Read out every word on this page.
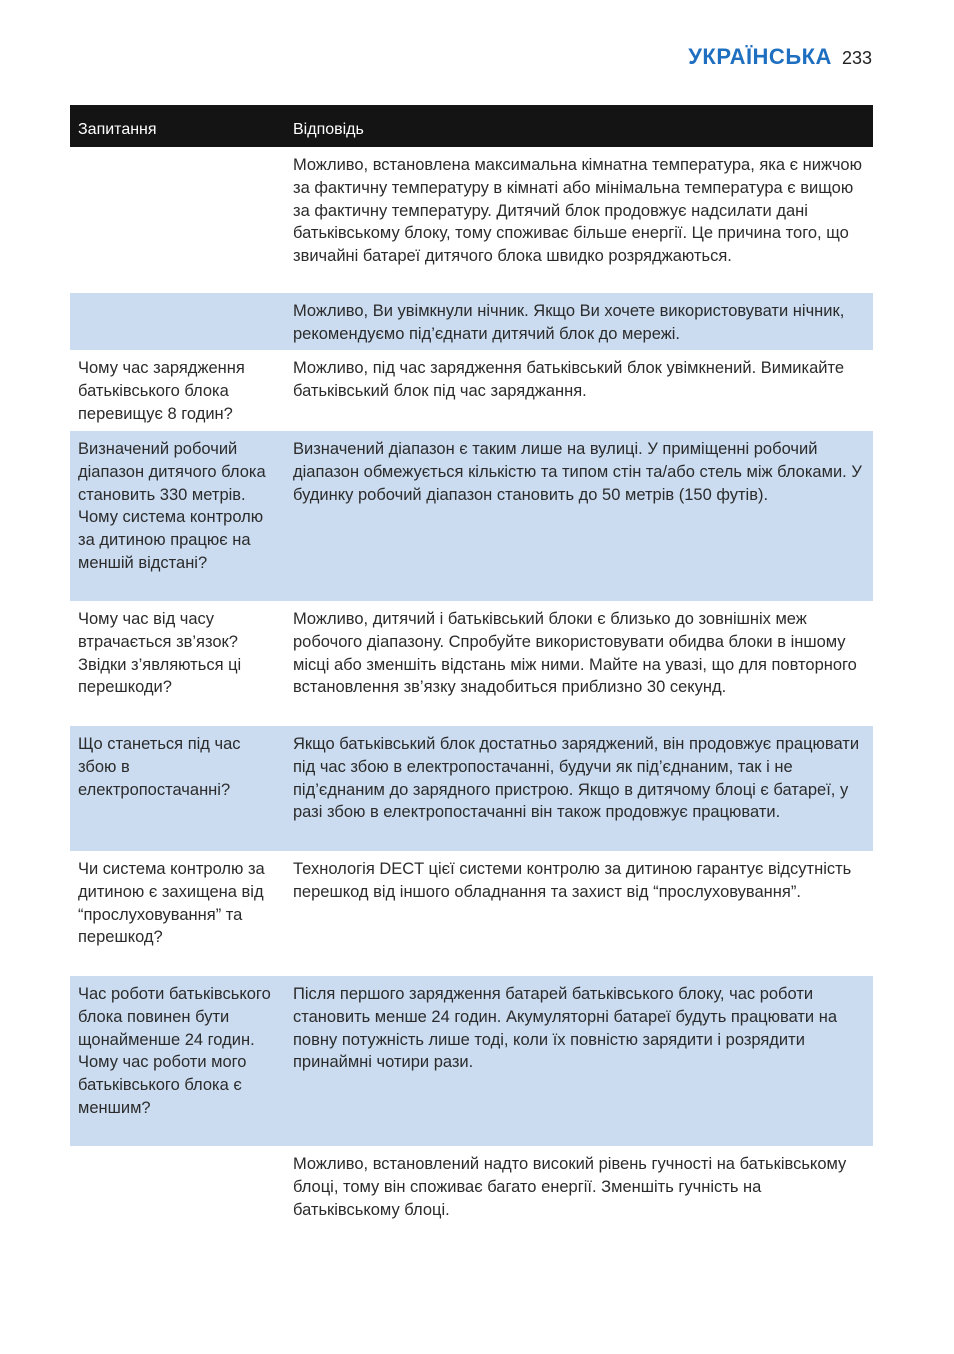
УКРАЇНСЬКА 233
Запитання	Відповідь
Можливо, встановлена максимальна кімнатна температура, яка є нижчою за фактичну температуру в кімнаті або мінімальна температура є вищою за фактичну температуру. Дитячий блок продовжує надсилати дані батьківському блоку, тому споживає більше енергії. Це причина того, що звичайні батареї дитячого блока швидко розряджаються.
Можливо, Ви увімкнули нічник. Якщо Ви хочете використовувати нічник, рекомендуємо під’єднати дитячий блок до мережі.
Чому час зарядження батьківського блока перевищує 8 годин?
Можливо, під час зарядження батьківський блок увімкнений. Вимикайте батьківський блок під час заряджання.
Визначений робочий діапазон дитячого блока становить 330 метрів. Чому система контролю за дитиною працює на меншій відстані?
Визначений діапазон є таким лише на вулиці. У приміщенні робочий діапазон обмежується кількістю та типом стін та/або стель між блоками. У будинку робочий діапазон становить до 50 метрів (150 футів).
Чому час від часу втрачається зв’язок? Звідки з’являються ці перешкоди?
Можливо, дитячий і батьківський блоки є близько до зовнішніх меж робочого діапазону. Спробуйте використовувати обидва блоки в іншому місці або зменшіть відстань між ними. Майте на увазі, що для повторного встановлення зв’язку знадобиться приблизно 30 секунд.
Що станеться під час збою в електропостачанні?
Якщо батьківський блок достатньо заряджений, він продовжує працювати під час збою в електропостачанні, будучи як під’єднаним, так і не під’єднаним до зарядного пристрою. Якщо в дитячому блоці є батареї, у разі збою в електропостачанні він також продовжує працювати.
Чи система контролю за дитиною є захищена від “прослуховування” та перешкод?
Технологія DECT цієї системи контролю за дитиною гарантує відсутність перешкод від іншого обладнання та захист від “прослуховування”.
Час роботи батьківського блока повинен бути щонайменше 24 годин. Чому час роботи мого батьківського блока є меншим?
Після першого зарядження батарей батьківського блоку, час роботи становить менше 24 годин. Акумуляторні батареї будуть працювати на повну потужність лише тоді, коли їх повністю зарядити і розрядити принаймні чотири рази.
Можливо, встановлений надто високий рівень гучності на батьківському блоці, тому він споживає багато енергії. Зменшіть гучність на батьківському блоці.
